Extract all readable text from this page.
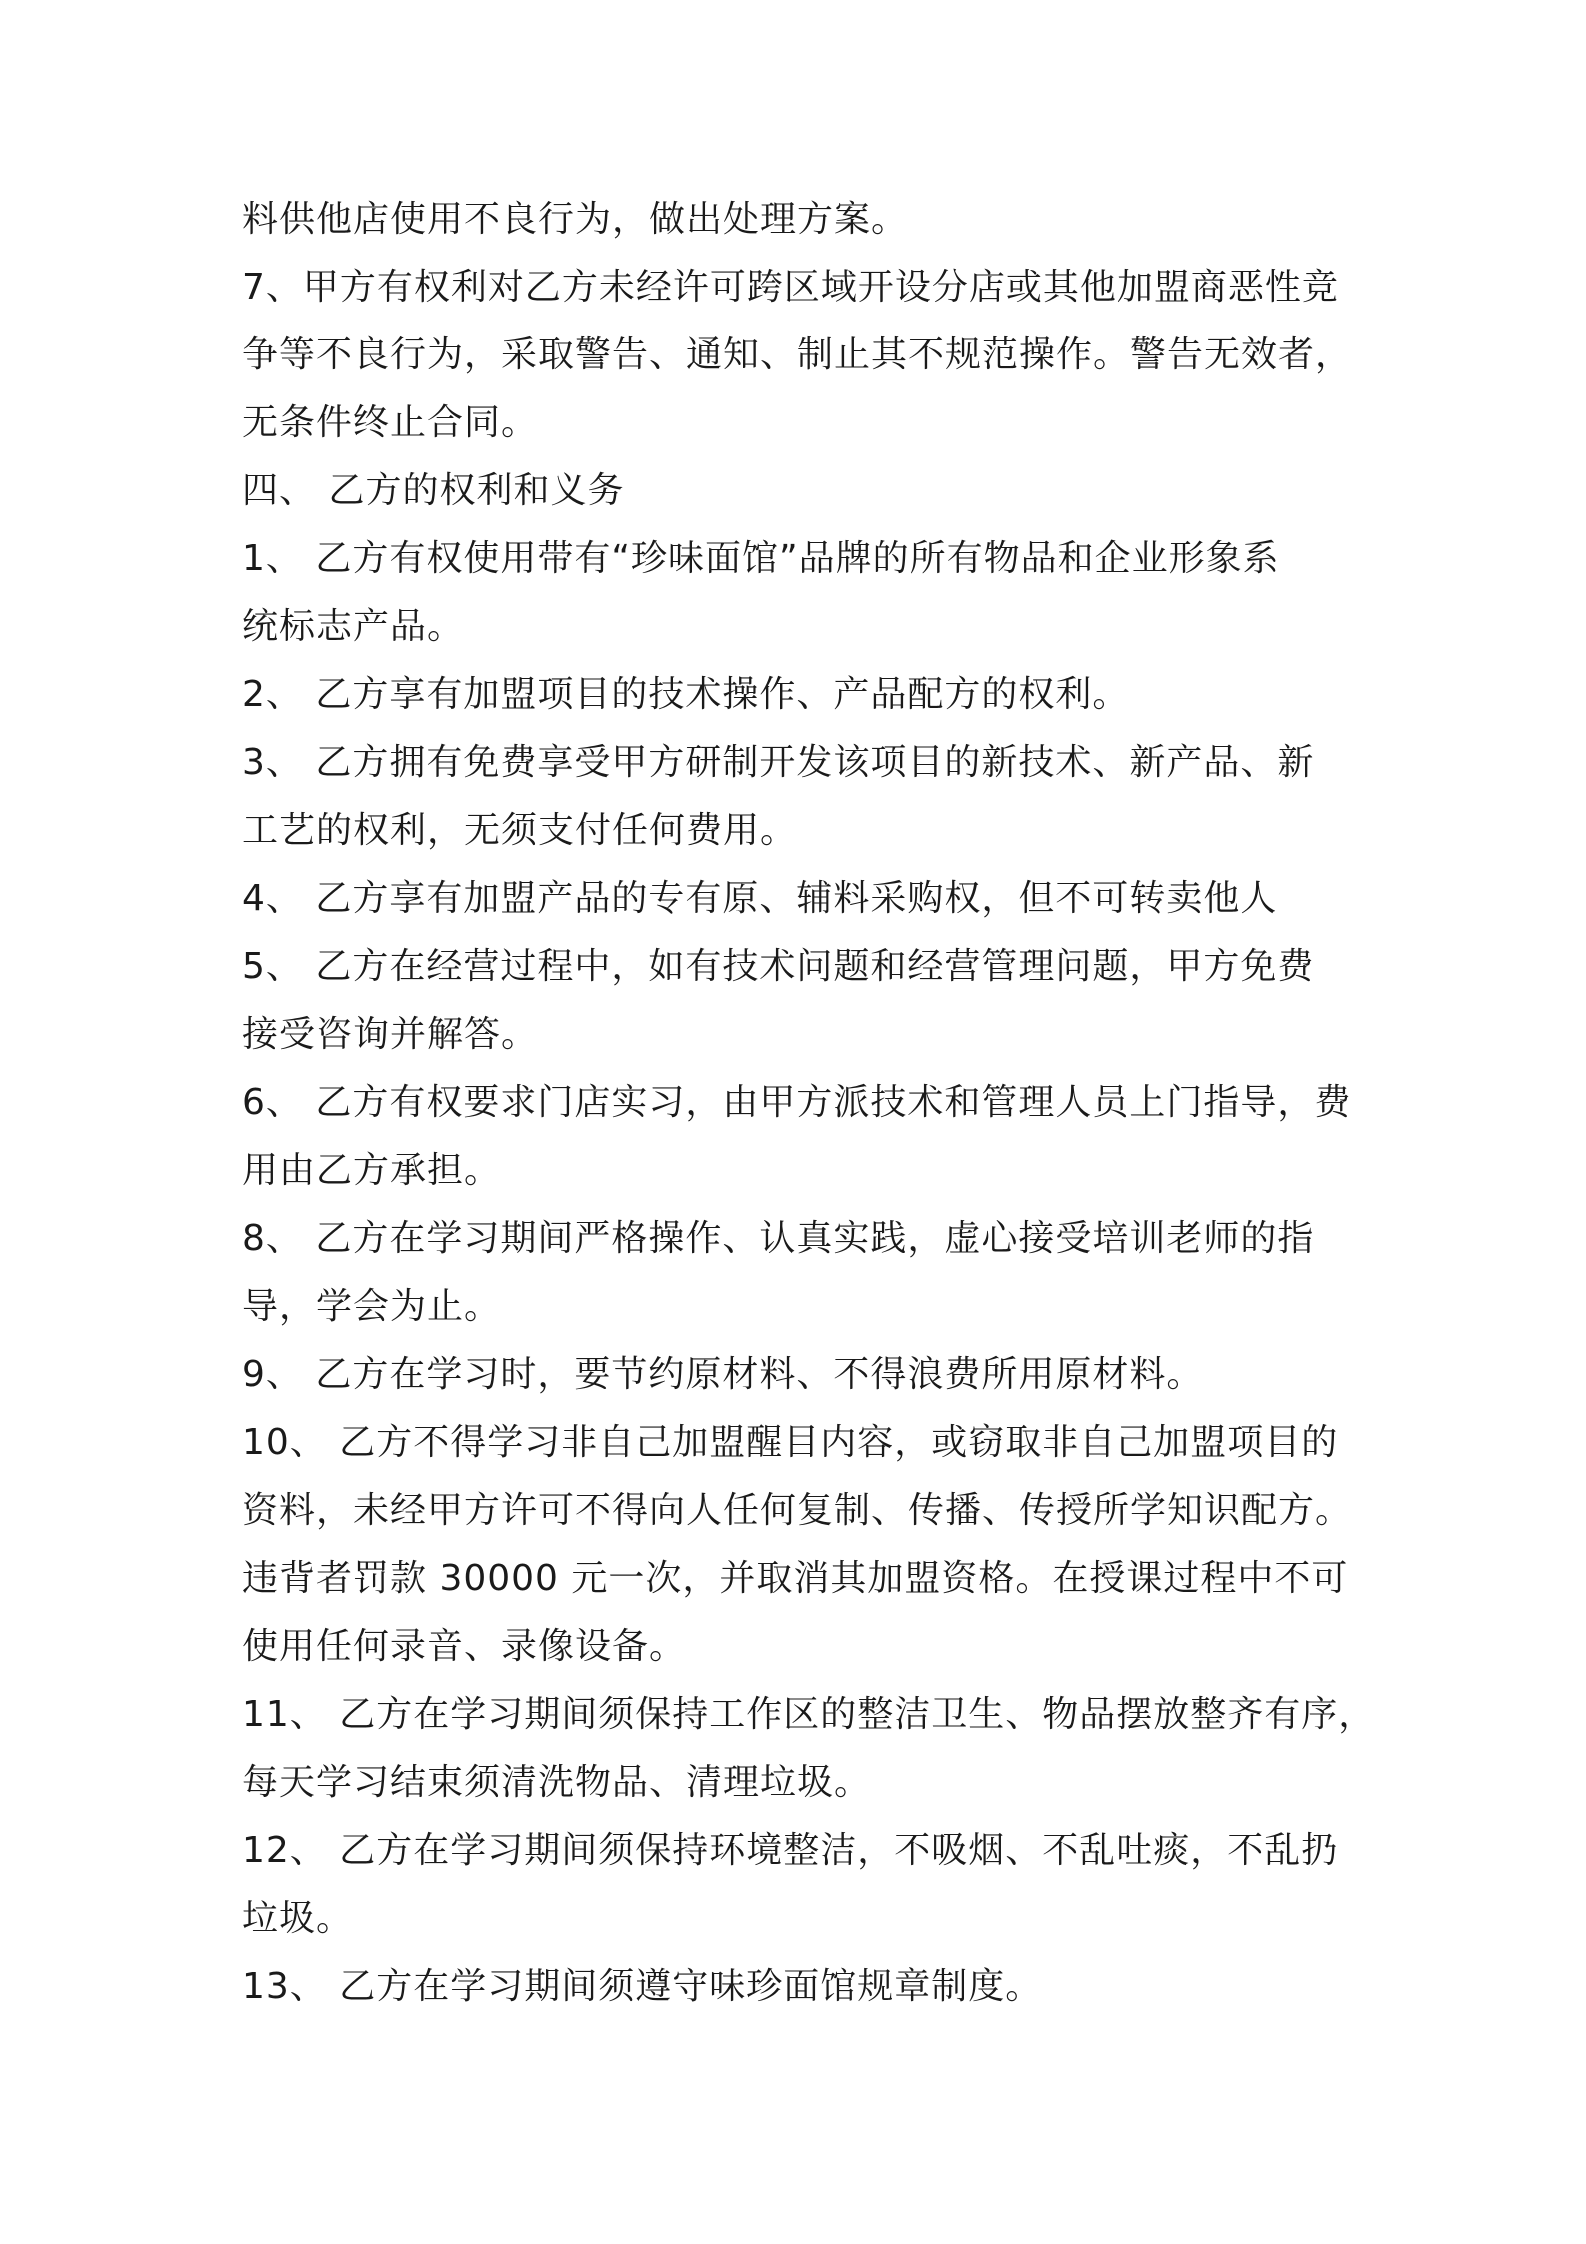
料供他店使用不良行为，做出处理方案。
7、甲方有权利对乙方未经许可跨区域开设分店或其他加盟商恶性竞
争等不良行为，采取警告、通知、制止其不规范操作。警告无效者，
无条件终止合同。
四、 乙方的权利和义务
1、 乙方有权使用带有“珍味面馆”品牌的所有物品和企业形象系
统标志产品。
2、 乙方享有加盟项目的技术操作、产品配方的权利。
3、 乙方拥有免费享受甲方研制开发该项目的新技术、新产品、新
工艺的权利，无须支付任何费用。
4、 乙方享有加盟产品的专有原、辅料采购权，但不可转卖他人
5、 乙方在经营过程中，如有技术问题和经营管理问题，甲方免费
接受咨询并解答。
6、 乙方有权要求门店实习，由甲方派技术和管理人员上门指导，费
用由乙方承担。
8、 乙方在学习期间严格操作、认真实践，虚心接受培训老师的指
导，学会为止。
9、 乙方在学习时，要节约原材料、不得浪费所用原材料。
10、 乙方不得学习非自己加盟醒目内容，或窃取非自己加盟项目的
资料，未经甲方许可不得向人任何复制、传播、传授所学知识配方。
违背者罚款 30000 元一次，并取消其加盟资格。在授课过程中不可
使用任何录音、录像设备。
11、 乙方在学习期间须保持工作区的整洁卫生、物品摆放整齐有序，
每天学习结束须清洗物品、清理垃圾。
12、 乙方在学习期间须保持环境整洁，不吸烟、不乱吐痰，不乱扔
垃圾。
13、 乙方在学习期间须遵守味珍面馆规章制度。
